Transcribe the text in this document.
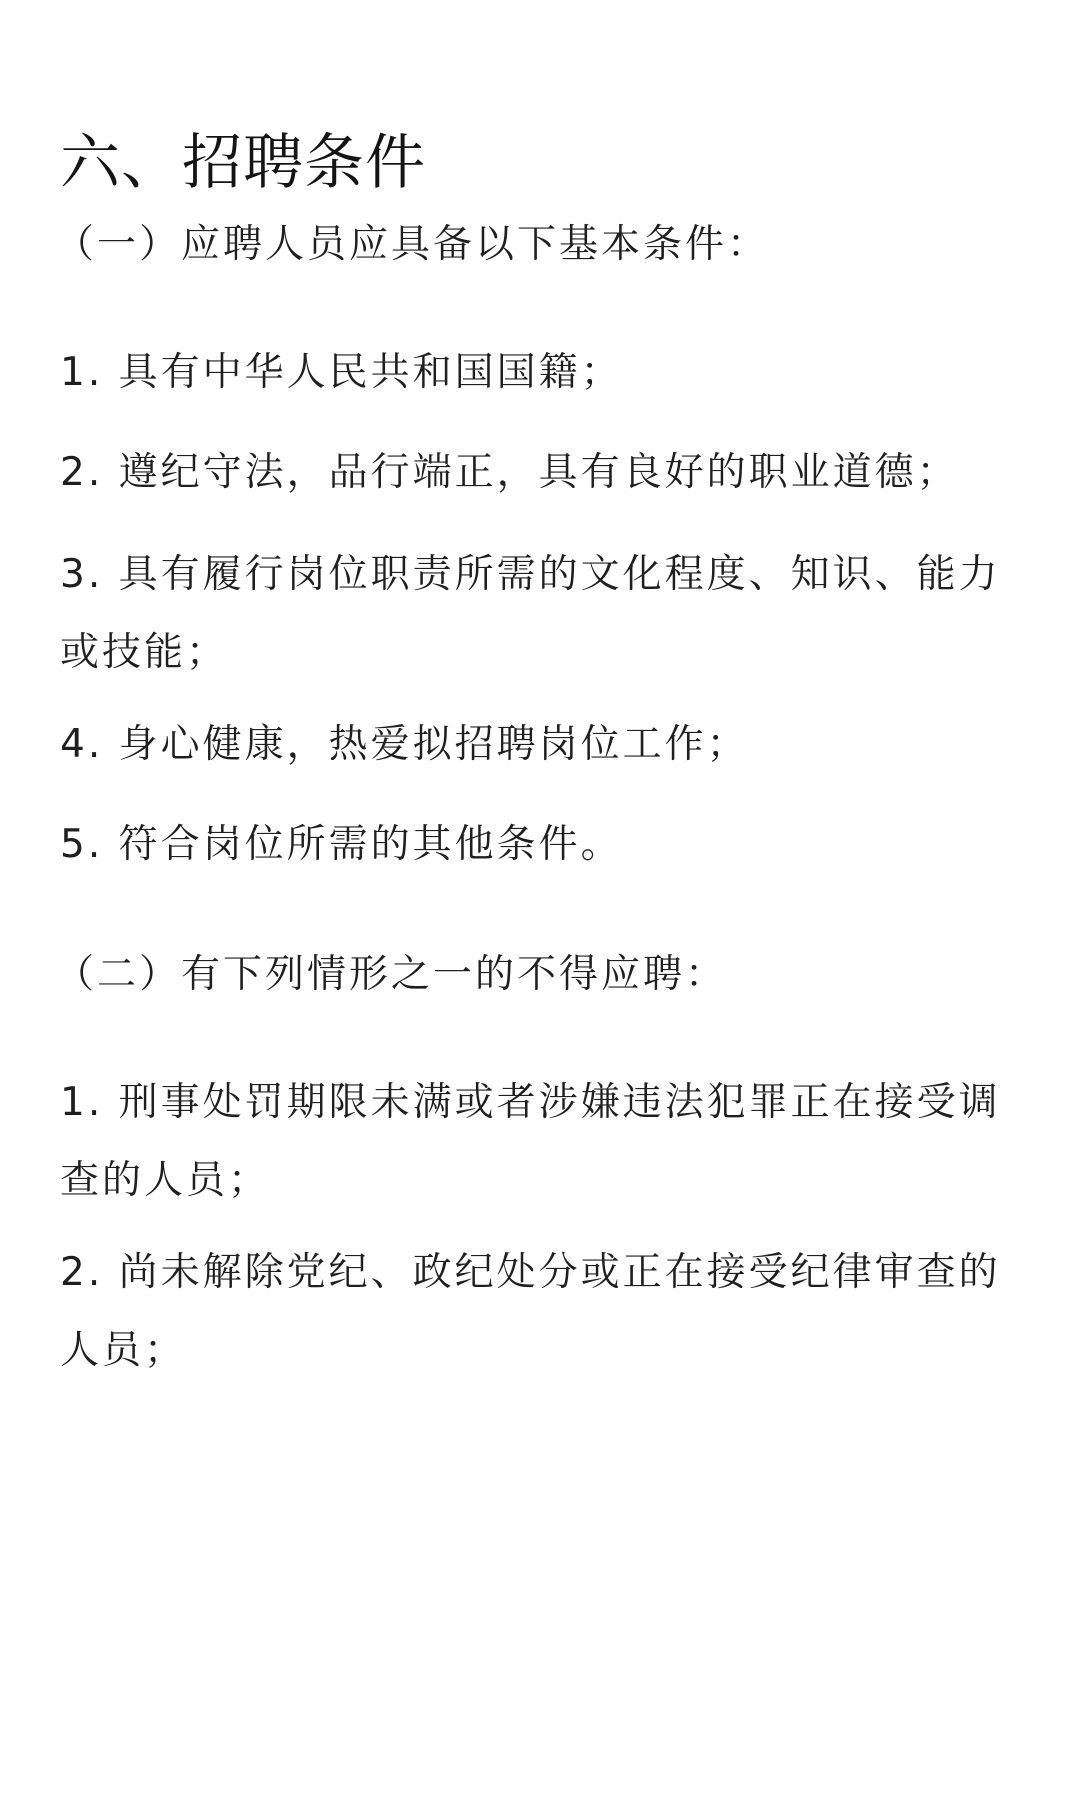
六、招聘条件

（一）应聘人员应具备以下基本条件：

1. 具有中华人民共和国国籍；

2. 遵纪守法，品行端正，具有良好的职业道德；

3. 具有履行岗位职责所需的文化程度、知识、能力或技能；

4. 身心健康，热爱拟招聘岗位工作；

5. 符合岗位所需的其他条件。

（二）有下列情形之一的不得应聘：

1. 刑事处罚期限未满或者涉嫌违法犯罪正在接受调查的人员；

2. 尚未解除党纪、政纪处分或正在接受纪律审查的人员；
